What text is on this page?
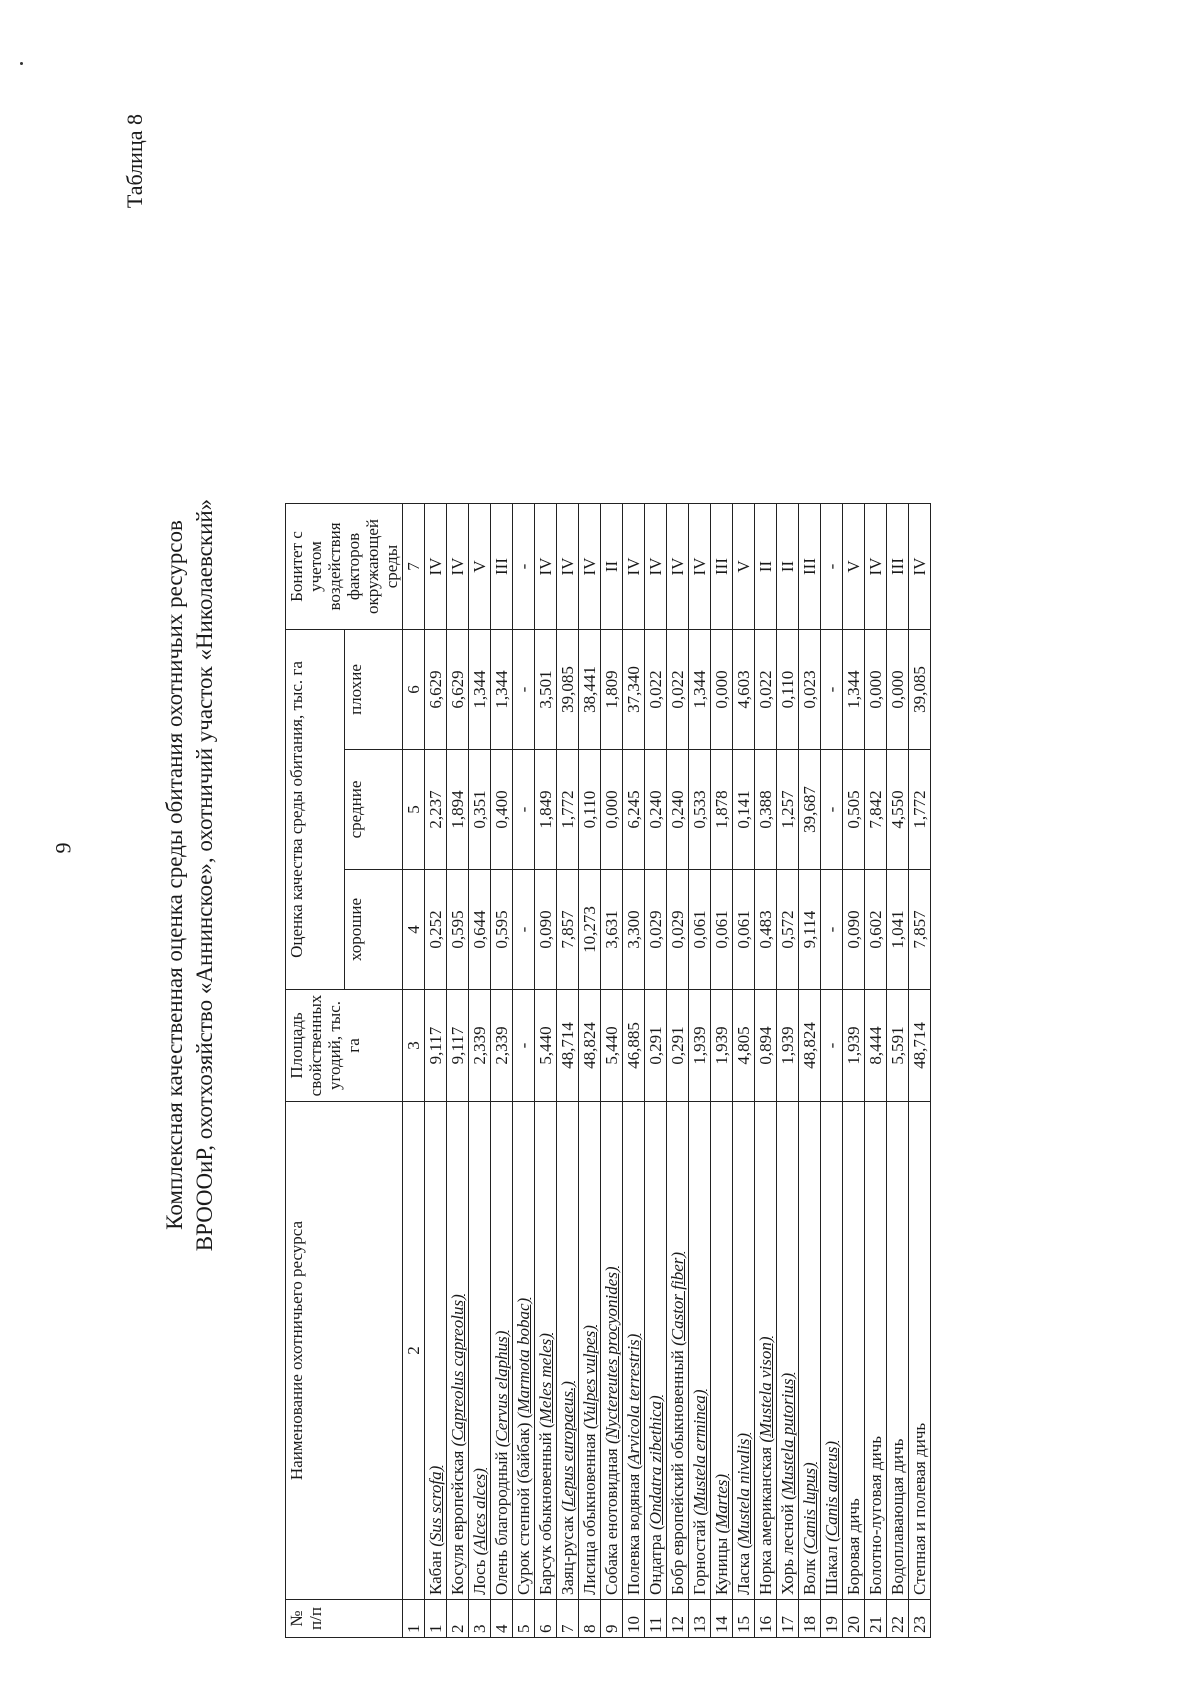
9
Таблица 8
Комплексная качественная оценка среды обитания охотничьих ресурсов ВРОООиР, охотхозяйство «Аннинское», охотничий участок «Николаевский»
№ п/п	Наименование охотничьего ресурса	Площадь свойственных угодий, тыс. га	Оценка качества среды обитания, тыс. га			Бонитет с учетом воздействия факторов окружающей среды
			хорошие	средние	плохие	
1	2	3	4	5	6	7
1	Кабан (Sus scrofa)	9,117	0,252	2,237	6,629	IV
2	Косуля европейская (Capreolus capreolus)	9,117	0,595	1,894	6,629	IV
3	Лось (Alces alces)	2,339	0,644	0,351	1,344	V
4	Олень благородный (Cervus elaphus)	2,339	0,595	0,400	1,344	III
5	Сурок степной (байбак) (Marmota bobac)	-	-	-	-	-
6	Барсук обыкновенный (Meles meles)	5,440	0,090	1,849	3,501	IV
7	Заяц-русак (Lepus europaeus.)	48,714	7,857	1,772	39,085	IV
8	Лисица обыкновенная (Vulpes vulpes)	48,824	10,273	0,110	38,441	IV
9	Собака енотовидная (Nyctereutes procyonides)	5,440	3,631	0,000	1,809	II
10	Полевка водяная (Arvicola terrestris)	46,885	3,300	6,245	37,340	IV
11	Ондатра (Ondatra zibethica)	0,291	0,029	0,240	0,022	IV
12	Бобр европейский обыкновенный (Castor fiber)	0,291	0,029	0,240	0,022	IV
13	Горностай (Mustela erminea)	1,939	0,061	0,533	1,344	IV
14	Куницы (Martes)	1,939	0,061	1,878	0,000	III
15	Ласка (Mustela nivalis)	4,805	0,061	0,141	4,603	V
16	Норка американская (Mustela vison)	0,894	0,483	0,388	0,022	II
17	Хорь лесной (Mustela putorius)	1,939	0,572	1,257	0,110	II
18	Волк (Canis lupus)	48,824	9,114	39,687	0,023	III
19	Шакал (Canis aureus)	-	-	-	-	-
20	Боровая дичь	1,939	0,090	0,505	1,344	V
21	Болотно-луговая дичь	8,444	0,602	7,842	0,000	IV
22	Водоплавающая дичь	5,591	1,041	4,550	0,000	III
23	Степная и полевая дичь	48,714	7,857	1,772	39,085	IV
